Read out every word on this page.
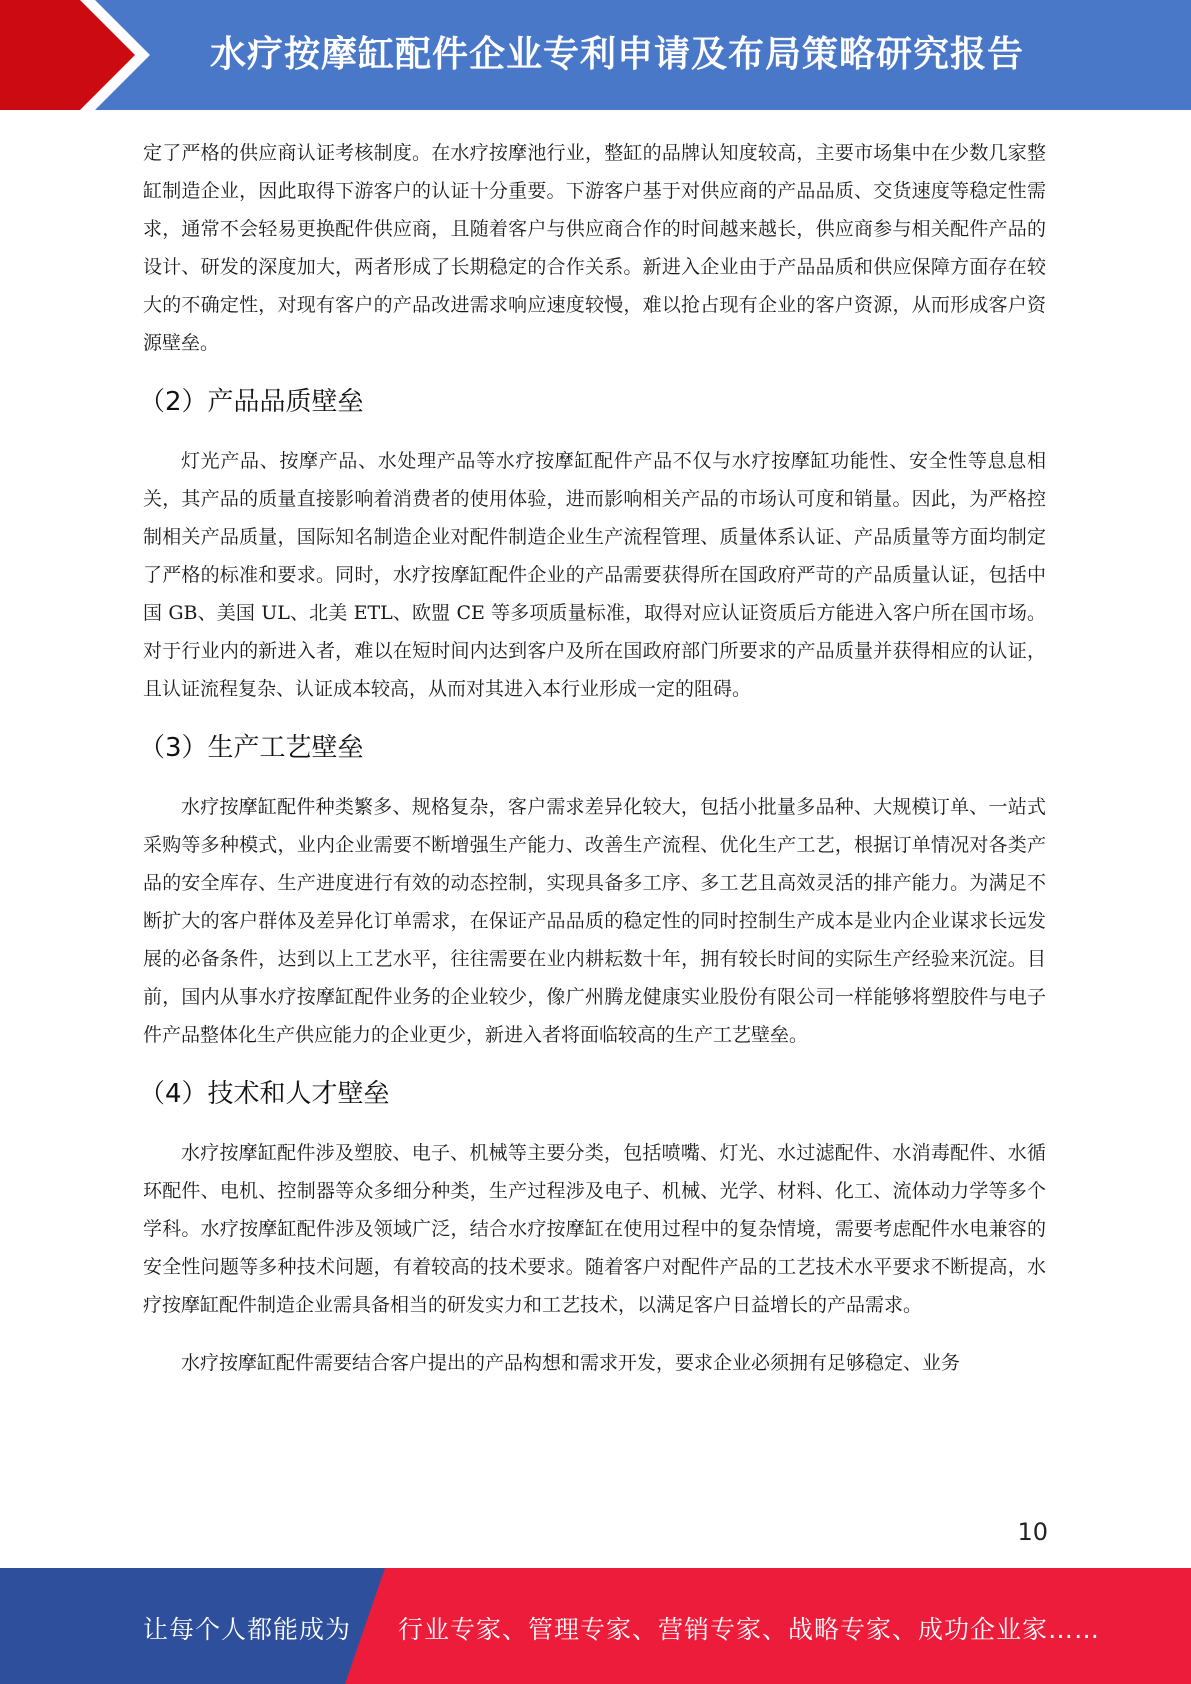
水疗按摩缸配件企业专利申请及布局策略研究报告

定了严格的供应商认证考核制度。在水疗按摩池行业，整缸的品牌认知度较高，主要市场集中在少数几家整缸制造企业，因此取得下游客户的认证十分重要。下游客户基于对供应商的产品品质、交货速度等稳定性需求，通常不会轻易更换配件供应商，且随着客户与供应商合作的时间越来越长，供应商参与相关配件产品的设计、研发的深度加大，两者形成了长期稳定的合作关系。新进入企业由于产品品质和供应保障方面存在较大的不确定性，对现有客户的产品改进需求响应速度较慢，难以抢占现有企业的客户资源，从而形成客户资源壁垒。

（2）产品品质壁垒

灯光产品、按摩产品、水处理产品等水疗按摩缸配件产品不仅与水疗按摩缸功能性、安全性等息息相关，其产品的质量直接影响着消费者的使用体验，进而影响相关产品的市场认可度和销量。因此，为严格控制相关产品质量，国际知名制造企业对配件制造企业生产流程管理、质量体系认证、产品质量等方面均制定了严格的标准和要求。同时，水疗按摩缸配件企业的产品需要获得所在国政府严苛的产品质量认证，包括中国 GB、美国 UL、北美 ETL、欧盟 CE 等多项质量标准，取得对应认证资质后方能进入客户所在国市场。对于行业内的新进入者，难以在短时间内达到客户及所在国政府部门所要求的产品质量并获得相应的认证，且认证流程复杂、认证成本较高，从而对其进入本行业形成一定的阻碍。

（3）生产工艺壁垒

水疗按摩缸配件种类繁多、规格复杂，客户需求差异化较大，包括小批量多品种、大规模订单、一站式采购等多种模式，业内企业需要不断增强生产能力、改善生产流程、优化生产工艺，根据订单情况对各类产品的安全库存、生产进度进行有效的动态控制，实现具备多工序、多工艺且高效灵活的排产能力。为满足不断扩大的客户群体及差异化订单需求，在保证产品品质的稳定性的同时控制生产成本是业内企业谋求长远发展的必备条件，达到以上工艺水平，往往需要在业内耕耘数十年，拥有较长时间的实际生产经验来沉淀。目前，国内从事水疗按摩缸配件业务的企业较少，像广州腾龙健康实业股份有限公司一样能够将塑胶件与电子件产品整体化生产供应能力的企业更少，新进入者将面临较高的生产工艺壁垒。

（4）技术和人才壁垒

水疗按摩缸配件涉及塑胶、电子、机械等主要分类，包括喷嘴、灯光、水过滤配件、水消毒配件、水循环配件、电机、控制器等众多细分种类，生产过程涉及电子、机械、光学、材料、化工、流体动力学等多个学科。水疗按摩缸配件涉及领域广泛，结合水疗按摩缸在使用过程中的复杂情境，需要考虑配件水电兼容的安全性问题等多种技术问题，有着较高的技术要求。随着客户对配件产品的工艺技术水平要求不断提高，水疗按摩缸配件制造企业需具备相当的研发实力和工艺技术，以满足客户日益增长的产品需求。

水疗按摩缸配件需要结合客户提出的产品构想和需求开发，要求企业必须拥有足够稳定、业务

10
让每个人都能成为 行业专家、管理专家、营销专家、战略专家、成功企业家……
